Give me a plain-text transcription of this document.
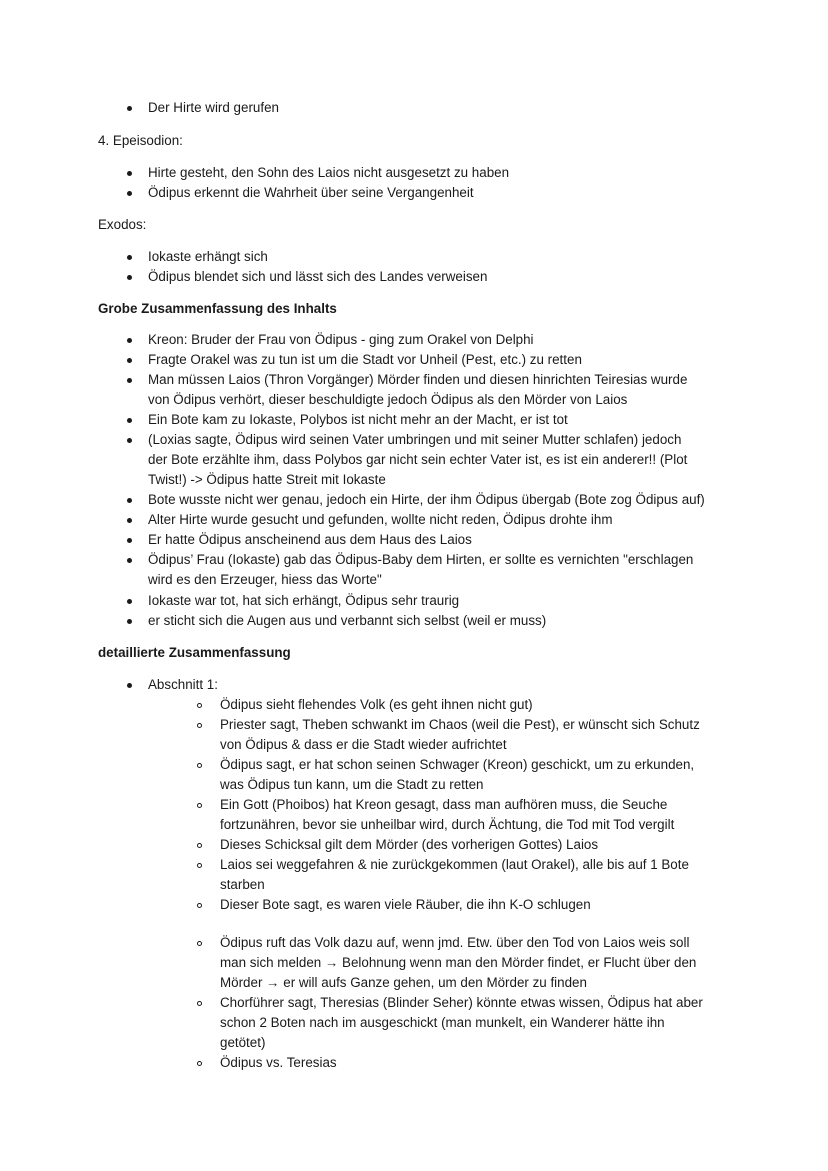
Der Hirte wird gerufen
4. Epeisodion:
Hirte gesteht, den Sohn des Laios nicht ausgesetzt zu haben
Ödipus erkennt die Wahrheit über seine Vergangenheit
Exodos:
Iokaste erhängt sich
Ödipus blendet sich und lässt sich des Landes verweisen
Grobe Zusammenfassung des Inhalts
Kreon: Bruder der Frau von Ödipus - ging zum Orakel von Delphi
Fragte Orakel was zu tun ist um die Stadt vor Unheil (Pest, etc.) zu retten
Man müssen Laios (Thron Vorgänger) Mörder finden und diesen hinrichten Teiresias wurde
von Ödipus verhört, dieser beschuldigte jedoch Ödipus als den Mörder von Laios
Ein Bote kam zu Iokaste, Polybos ist nicht mehr an der Macht, er ist tot
(Loxias sagte, Ödipus wird seinen Vater umbringen und mit seiner Mutter schlafen) jedoch
der Bote erzählte ihm, dass Polybos gar nicht sein echter Vater ist, es ist ein anderer!! (Plot
Twist!) -> Ödipus hatte Streit mit Iokaste
Bote wusste nicht wer genau, jedoch ein Hirte, der ihm Ödipus übergab (Bote zog Ödipus auf)
Alter Hirte wurde gesucht und gefunden, wollte nicht reden, Ödipus drohte ihm
Er hatte Ödipus anscheinend aus dem Haus des Laios
Ödipus’ Frau (Iokaste) gab das Ödipus-Baby dem Hirten, er sollte es vernichten "erschlagen
wird es den Erzeuger, hiess das Worte"
Iokaste war tot, hat sich erhängt, Ödipus sehr traurig
er sticht sich die Augen aus und verbannt sich selbst (weil er muss)
detaillierte Zusammenfassung
Abschnitt 1:
Ödipus sieht flehendes Volk (es geht ihnen nicht gut)
Priester sagt, Theben schwankt im Chaos (weil die Pest), er wünscht sich Schutz
von Ödipus & dass er die Stadt wieder aufrichtet
Ödipus sagt, er hat schon seinen Schwager (Kreon) geschickt, um zu erkunden,
was Ödipus tun kann, um die Stadt zu retten
Ein Gott (Phoibos) hat Kreon gesagt, dass man aufhören muss, die Seuche
fortzunähren, bevor sie unheilbar wird, durch Ächtung, die Tod mit Tod vergilt
Dieses Schicksal gilt dem Mörder (des vorherigen Gottes) Laios
Laios sei weggefahren & nie zurückgekommen (laut Orakel), alle bis auf 1 Bote
starben
Dieser Bote sagt, es waren viele Räuber, die ihn K-O schlugen
Ödipus ruft das Volk dazu auf, wenn jmd. Etw. über den Tod von Laios weis soll
man sich melden → Belohnung wenn man den Mörder findet, er Flucht über den
Mörder → er will aufs Ganze gehen, um den Mörder zu finden
Chorführer sagt, Theresias (Blinder Seher) könnte etwas wissen, Ödipus hat aber
schon 2 Boten nach im ausgeschickt (man munkelt, ein Wanderer hätte ihn
getötet)
Ödipus vs. Teresias
